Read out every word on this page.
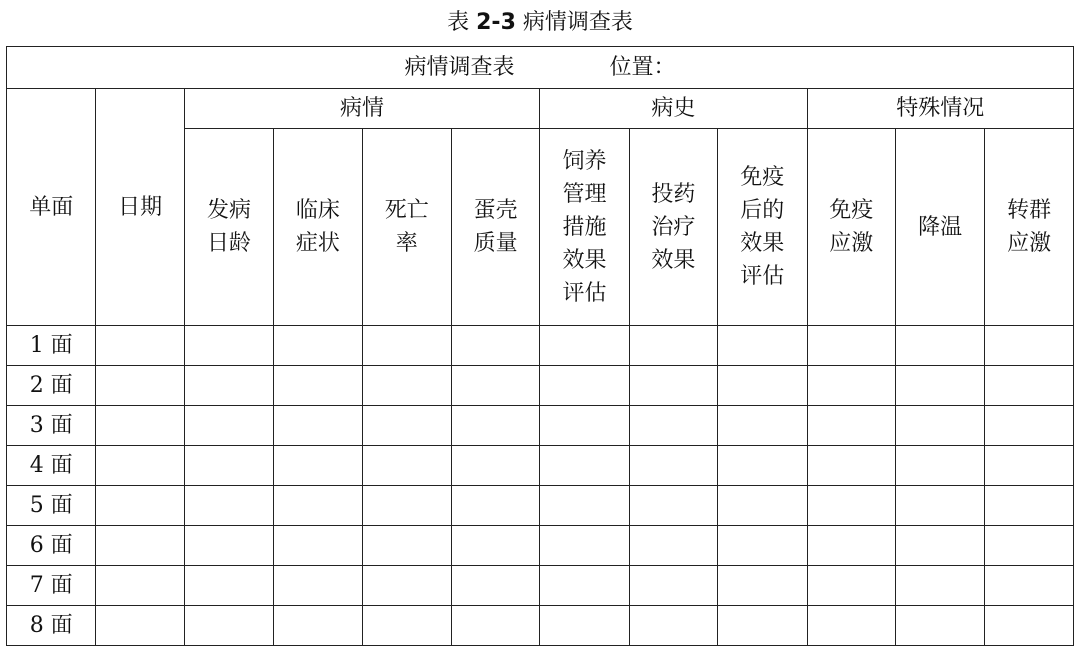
表 2-3 病情调查表
病情调查表 位置：											
单面	日期	病情				病史			特殊情况		
		发病日龄	临床症状	死亡率	蛋壳质量	饲养管理措施效果评估	投药治疗效果	免疫后的效果评估	免疫应激	降温	转群应激
1 面											
2 面											
3 面											
4 面											
5 面											
6 面											
7 面											
8 面											
